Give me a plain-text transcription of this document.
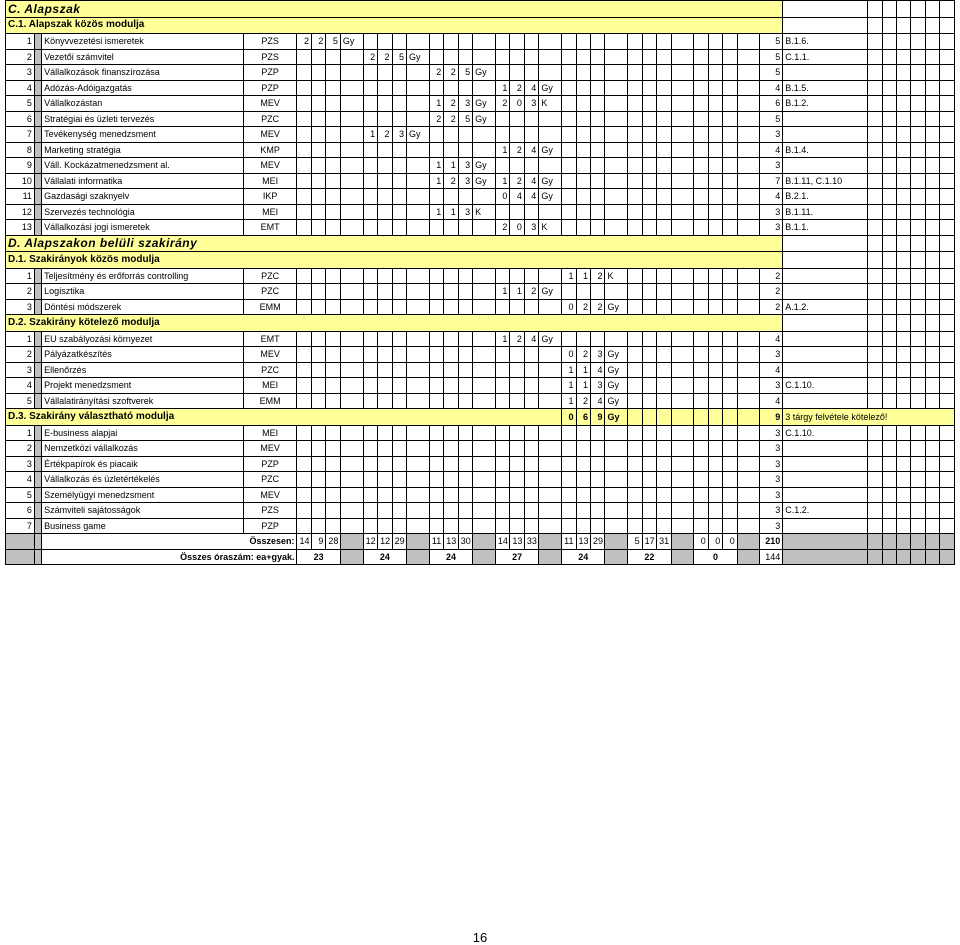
C. Alapszak																																							
C.1. Alapszak közös modulja																																							
1		Könyvvezetési ismeretek	PZS	2	2	5	Gy																									5	B.1.6.						
2		Vezetői számvitel	PZS					2	2	5	Gy																					5	C.1.1.						
3		Vállalkozások finanszírozása	PZP									2	2	5	Gy																	5							
4		Adózás-Adóigazgatás	PZP													1	2	4	Gy													4	B.1.5.						
5		Vállalkozástan	MEV									1	2	3	Gy	2	0	3	K													6	B.1.2.						
6		Stratégiai és üzleti tervezés	PZC									2	2	5	Gy																	5							
7		Tevékenység menedzsment	MEV					1	2	3	Gy																					3							
8		Marketing stratégia	KMP													1	2	4	Gy													4	B.1.4.						
9		Váll. Kockázatmenedzsment al.	MEV									1	1	3	Gy																	3							
10		Vállalati informatika	MEI									1	2	3	Gy	1	2	4	Gy													7	B.1.11, C.1.10						
11		Gazdasági szaknyelv	IKP													0	4	4	Gy													4	B.2.1.						
12		Szervezés technológia	MEI									1	1	3	K																	3	B.1.11.						
13		Vállalkozási jogi ismeretek	EMT													2	0	3	K													3	B.1.1.						
D. Alapszakon belüli szakirány																																							
D.1. Szakirányok közös modulja																																							
1		Teljesítmény és erőforrás controlling	PZC																	1	1	2	K									2							
2		Logisztika	PZC													1	1	2	Gy													2							
3		Döntési módszerek	EMM																	0	2	2	Gy									2	A.1.2.						
D.2. Szakirány kötelező modulja																																							
1		EU szabályozási környezet	EMT													1	2	4	Gy													4							
2		Pályázatkészítés	MEV																	0	2	3	Gy									3							
3		Ellenőrzés	PZC																	1	1	4	Gy									4							
4		Projekt menedzsment	MEI																	1	1	3	Gy									3	C.1.10.						
5		Vállalatirányítási szoftverek	EMM																	1	2	4	Gy									4							
D.3. Szakirány választható modulja																				0	6	9	Gy									9	3 tárgy felvétele kötelező!						
1		E-business alapjai	MEI																													3	C.1.10.						
2		Nemzetközi vállalkozás	MEV																													3							
3		Értékpapírok és piacaik	PZP																													3							
4		Vállalkozás és üzletértékelés	PZC																													3							
5		Személyügyi menedzsment	MEV																													3							
6		Számviteli sajátosságok	PZS																													3	C.1.2.						
7		Business game	PZP																													3							
		Összesen:		14	9	28		12	12	29		11	13	30		14	13	33		11	13	29		5	17	31		0	0	0		210							
		Összes óraszám: ea+gyak.		23				24				24				27				24				22				0				144							
16
